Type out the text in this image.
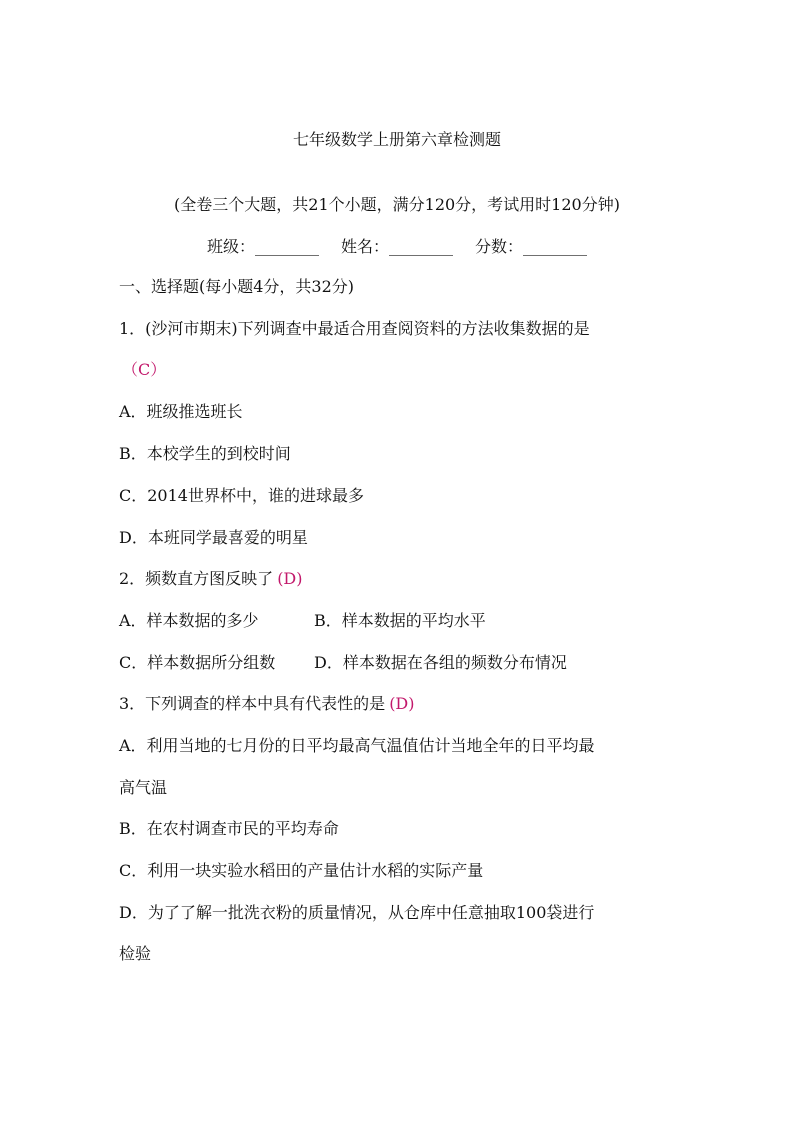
七年级数学上册第六章检测题
(全卷三个大题，共21个小题，满分120分，考试用时120分钟)
班级：________ 姓名：________ 分数：________
一、选择题(每小题4分，共32分)
1．(沙河市期末)下列调查中最适合用查阅资料的方法收集数据的是
（C）
A．班级推选班长
B．本校学生的到校时间
C．2014世界杯中，谁的进球最多
D．本班同学最喜爱的明星
2．频数直方图反映了 (D)
A．样本数据的多少	B．样本数据的平均水平
C．样本数据所分组数 D．样本数据在各组的频数分布情况
3．下列调查的样本中具有代表性的是 (D)
A．利用当地的七月份的日平均最高气温值估计当地全年的日平均最
高气温
B．在农村调查市民的平均寿命
C．利用一块实验水稻田的产量估计水稻的实际产量
D．为了了解一批洗衣粉的质量情况，从仓库中任意抽取100袋进行
检验
